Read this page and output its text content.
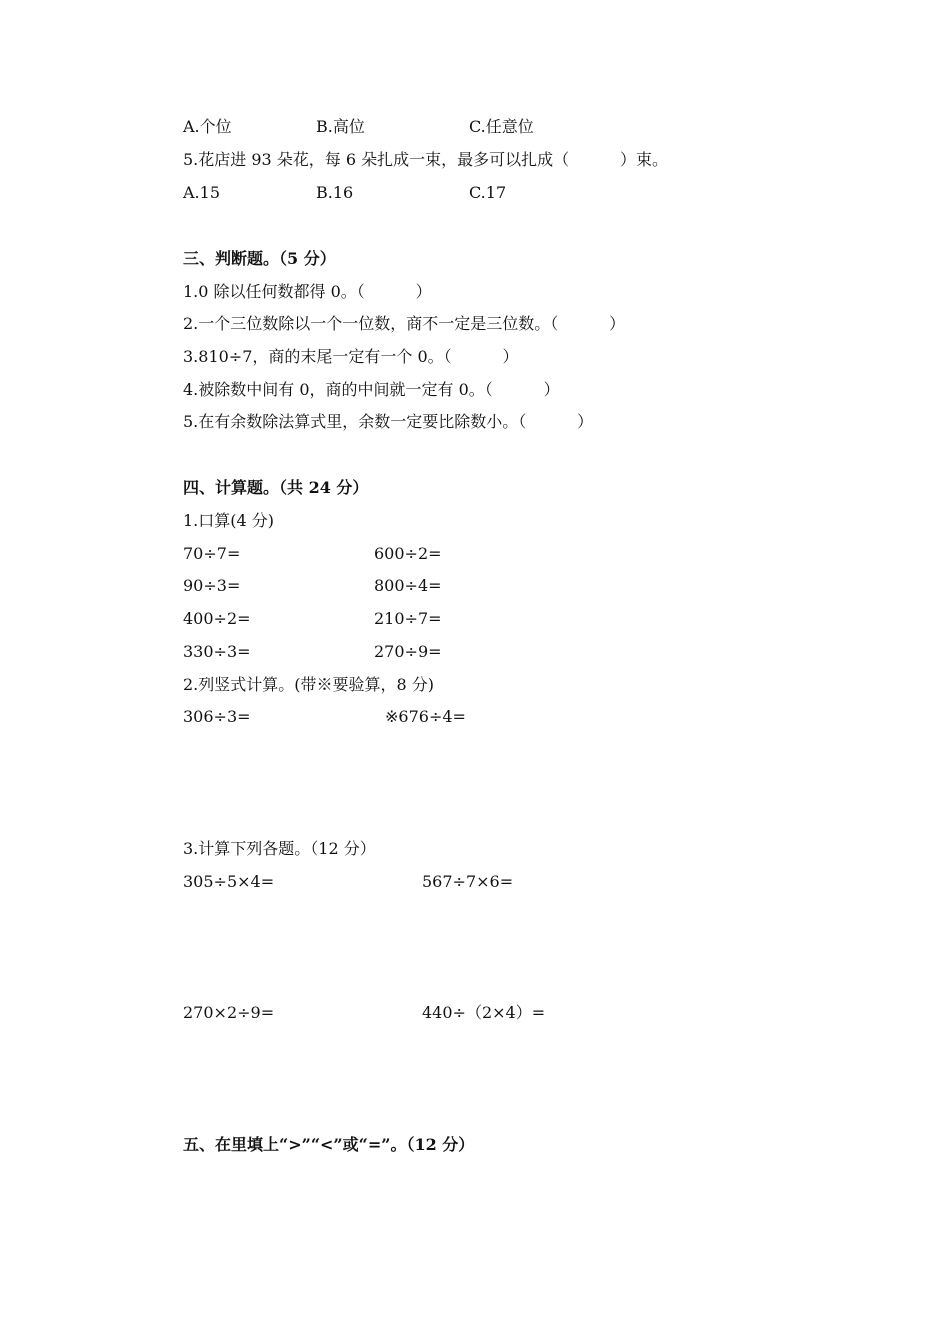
A.个位	B.高位	C.任意位
5.花店进 93 朵花，每 6 朵扎成一束，最多可以扎成（          ）束。
A.15	B.16	C.17
三、判断题。（5 分）
1.0 除以任何数都得 0。（          ）
2.一个三位数除以一个一位数，商不一定是三位数。（          ）
3.810÷7，商的末尾一定有一个 0。（          ）
4.被除数中间有 0，商的中间就一定有 0。（          ）
5.在有余数除法算式里，余数一定要比除数小。（          ）
四、计算题。（共 24 分）
1.口算(4 分)
70÷7=	600÷2=
90÷3=	800÷4=
400÷2=	210÷7=
330÷3=	270÷9=
2.列竖式计算。(带※要验算，8 分)
306÷3=	※676÷4=
3.计算下列各题。（12 分）
305÷5×4=	567÷7×6=
270×2÷9=	440÷（2×4）=
五、在里填上“>”“<”或“=”。（12 分）
